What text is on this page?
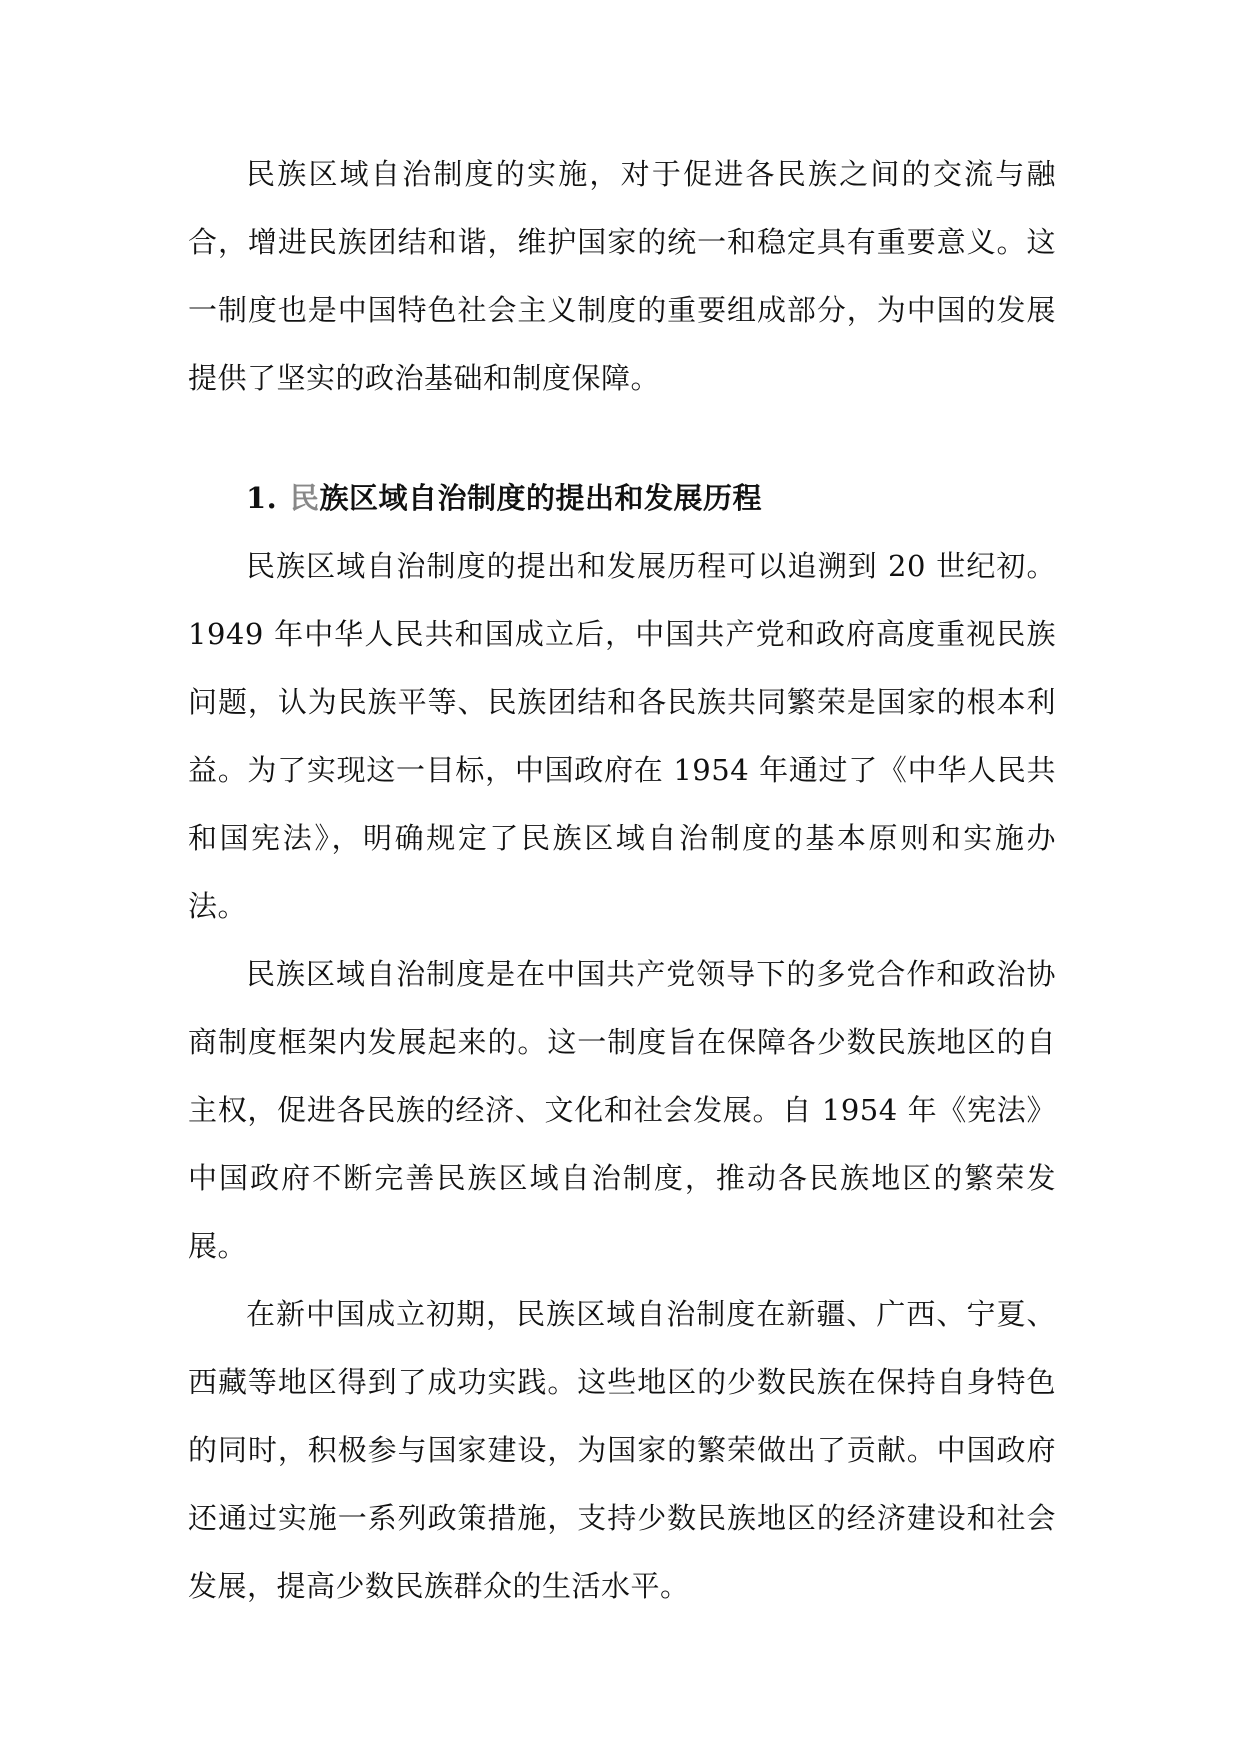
民族区域自治制度的实施，对于促进各民族之间的交流与融合，增进民族团结和谐，维护国家的统一和稳定具有重要意义。这一制度也是中国特色社会主义制度的重要组成部分，为中国的发展提供了坚实的政治基础和制度保障。

1. 民族区域自治制度的提出和发展历程

民族区域自治制度的提出和发展历程可以追溯到 20 世纪初。1949 年中华人民共和国成立后，中国共产党和政府高度重视民族问题，认为民族平等、民族团结和各民族共同繁荣是国家的根本利益。为了实现这一目标，中国政府在 1954 年通过了《中华人民共和国宪法》，明确规定了民族区域自治制度的基本原则和实施办法。

民族区域自治制度是在中国共产党领导下的多党合作和政治协商制度框架内发展起来的。这一制度旨在保障各少数民族地区的自主权，促进各民族的经济、文化和社会发展。自 1954 年《宪法》中国政府不断完善民族区域自治制度，推动各民族地区的繁荣发展。

在新中国成立初期，民族区域自治制度在新疆、广西、宁夏、西藏等地区得到了成功实践。这些地区的少数民族在保持自身特色的同时，积极参与国家建设，为国家的繁荣做出了贡献。中国政府还通过实施一系列政策措施，支持少数民族地区的经济建设和社会发展，提高少数民族群众的生活水平。
